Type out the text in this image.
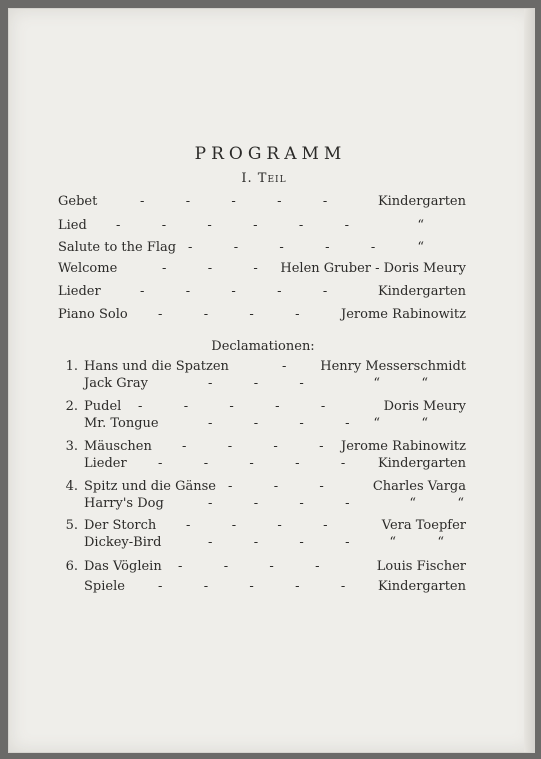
PROGRAMM
I. Teil
Gebet	-          -          -          -          -	Kindergarten
Lied -          -          -          -          -          -	“
Salute to the Flag -          -          -          -          -	“
Welcome	-          -          - Helen Gruber - Doris Meury
Lieder	-          -          -          -          -	Kindergarten
Piano Solo -          -          -          -	Jerome Rabinowitz
Declamationen:
1. Hans und die Spatzen	-	Henry Messerschmidt
Jack Gray	-          -          -	“          “
2. Pudel -          -          -          -          -	Doris Meury
Mr. Tongue	-          -          -          - “          “
3. Mäuschen -          -          -          - Jerome Rabinowitz
Lieder -          -          -          -          -	Kindergarten
4. Spitz und die Gänse -          -          -	Charles Varga
Harry's Dog	-          -          -          -	“          “
5. Der Storch -          -          -          -	Vera Toepfer
Dickey-Bird	-          -          -          -	“          “
6. Das Vöglein -          -          -          -	Louis Fischer
Spiele	-          -          -          -          -	Kindergarten
